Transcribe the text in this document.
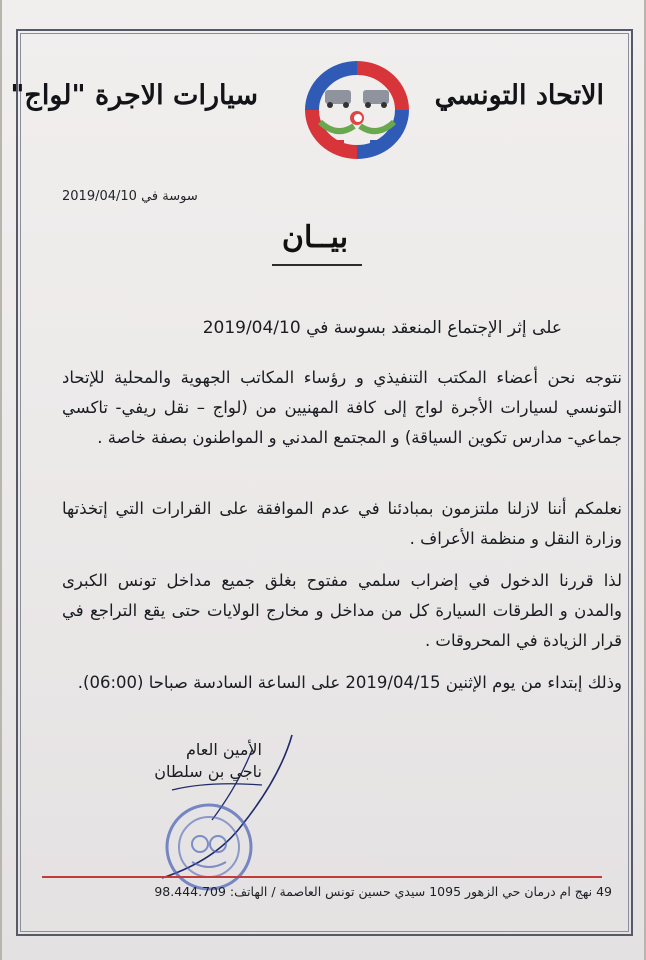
الاتحاد التونسي
سيارات الاجرة "لواج"
سوسة في 2019/04/10
بيــان
على إثر الإجتماع المنعقد بسوسة في 2019/04/10
نتوجه نحن أعضاء المكتب التنفيذي و رؤساء المكاتب الجهوية والمحلية للإتحاد التونسي لسيارات الأجرة لواج إلى كافة المهنيين من (لواج – نقل ريفي- تاكسي جماعي- مدارس تكوين السياقة) و المجتمع المدني و المواطنون بصفة خاصة .
نعلمكم أننا لازلنا ملتزمون بمبادئنا في عدم الموافقة على القرارات التي إتخذتها وزارة النقل و منظمة الأعراف .
لذا قررنا الدخول في إضراب سلمي مفتوح بغلق جميع مداخل تونس الكبرى والمدن و الطرقات السيارة كل من مداخل و مخارج الولايات حتى يقع التراجع في قرار الزيادة في المحروقات .
وذلك إبتداء من يوم الإثنين 2019/04/15 على الساعة السادسة صباحا (06:00).
الأمين العام
ناجي بن سلطان
49 نهج ام درمان حي الزهور 1095 سيدي حسين تونس العاصمة / الهاتف: 98.444.709
